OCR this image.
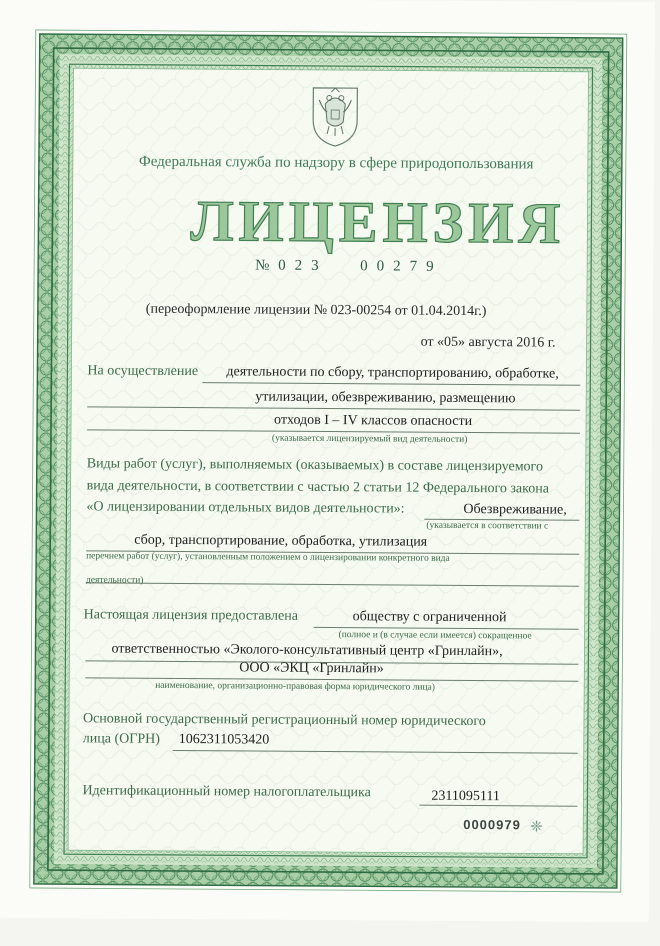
Федеральная служба по надзору в сфере природопользования
ЛИЦЕНЗИЯ
№ 023 00279
(переоформление лицензии № 023-00254 от 01.04.2014г.)
от «05» августа 2016 г.
На осуществление деятельности по сбору, транспортированию, обработке,
утилизации, обезвреживанию, размещению
отходов I – IV классов опасности
(указывается лицензируемый вид деятельности)
Виды работ (услуг), выполняемых (оказываемых) в составе лицензируемого
вида деятельности, в соответствии с частью 2 статьи 12 Федерального закона
«О лицензировании отдельных видов деятельности»:	Обезвреживание,
(указывается в соответствии с
сбор, транспортирование, обработка, утилизация
перечнем работ (услуг), установленным положением о лицензировании конкретного вида
деятельности)
Настоящая лицензия предоставлена	обществу с ограниченной
(полное и (в случае если имеется) сокращенное
ответственностью «Эколого-консультативный центр «Гринлайн»,
ООО «ЭКЦ «Гринлайн»
наименование, организационно-правовая форма юридического лица)
Основной государственный регистрационный номер юридического
лица (ОГРН) 1062311053420
Идентификационный номер налогоплательщика	2311095111
0000979 ❈
